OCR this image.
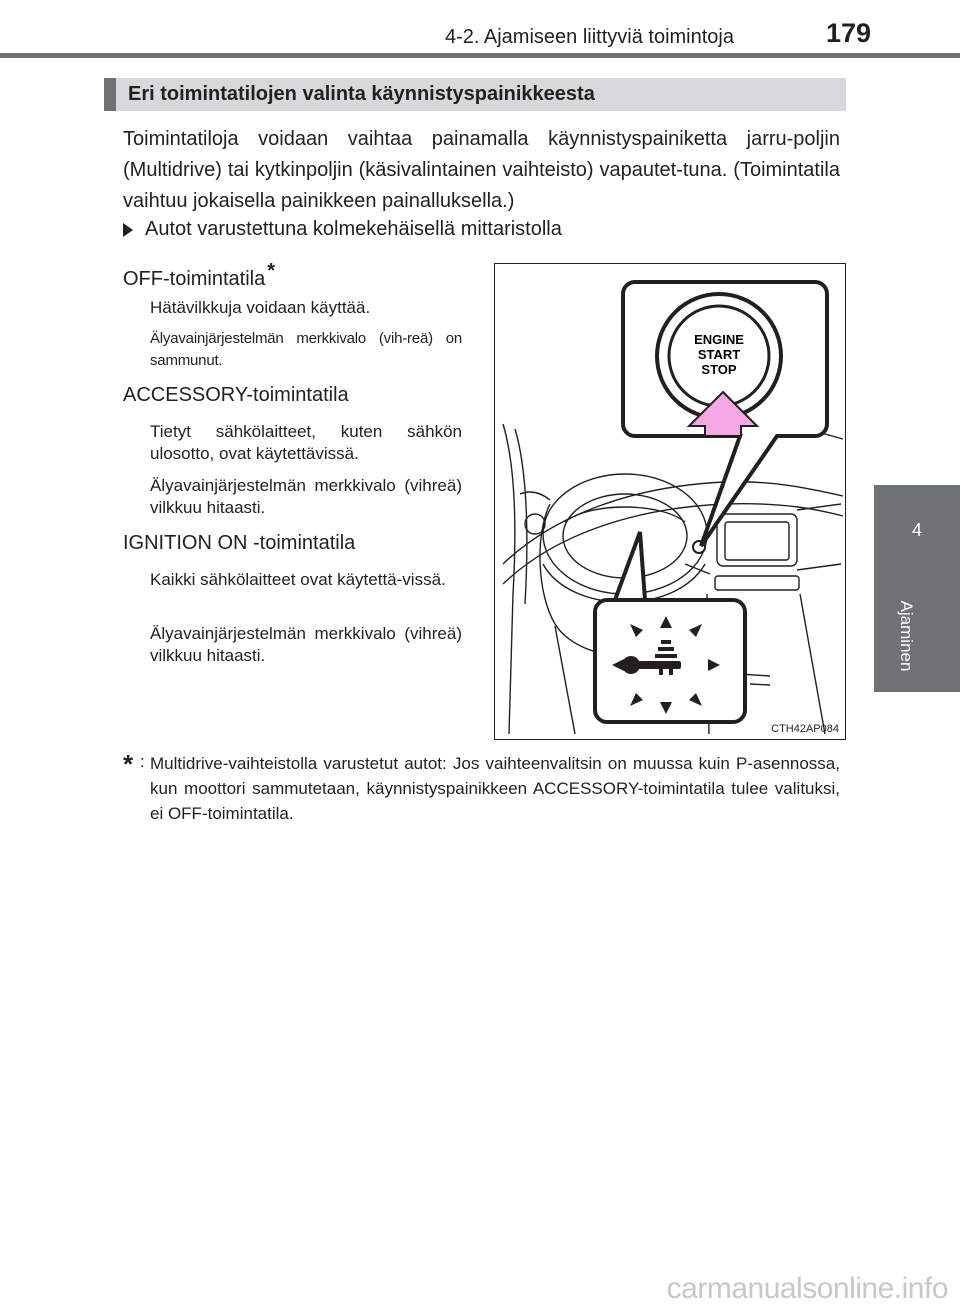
4-2. Ajamiseen liittyviä toimintoja	179
4
Ajaminen
Eri toimintatilojen valinta käynnistyspainikkeesta
Toimintatiloja voidaan vaihtaa painamalla käynnistyspainiketta jarru-poljin (Multidrive) tai kytkinpoljin (käsivalintainen vaihteisto) vapautet-tuna. (Toimintatila vaihtuu jokaisella painikkeen painalluksella.)
Autot varustettuna kolmekehäisellä mittaristolla
OFF-toimintatila *
Hätävilkkuja voidaan käyttää.
Älyavainjärjestelmän merkkivalo (vih-reä) on sammunut.
ACCESSORY-toimintatila
Tietyt sähkölaitteet, kuten sähkön ulosotto, ovat käytettävissä.
Älyavainjärjestelmän merkkivalo (vihreä) vilkkuu hitaasti.
IGNITION ON -toimintatila
Kaikki sähkölaitteet ovat käytettä-vissä.
Älyavainjärjestelmän merkkivalo (vihreä) vilkkuu hitaasti.
ENGINE
START
STOP
CTH42AP084
* : Multidrive-vaihteistolla varustetut autot: Jos vaihteenvalitsin on muussa kuin P-asennossa, kun moottori sammutetaan, käynnistyspainikkeen ACCESSORY-toimintatila tulee valituksi, ei OFF-toimintatila.
carmanualsonline.info
